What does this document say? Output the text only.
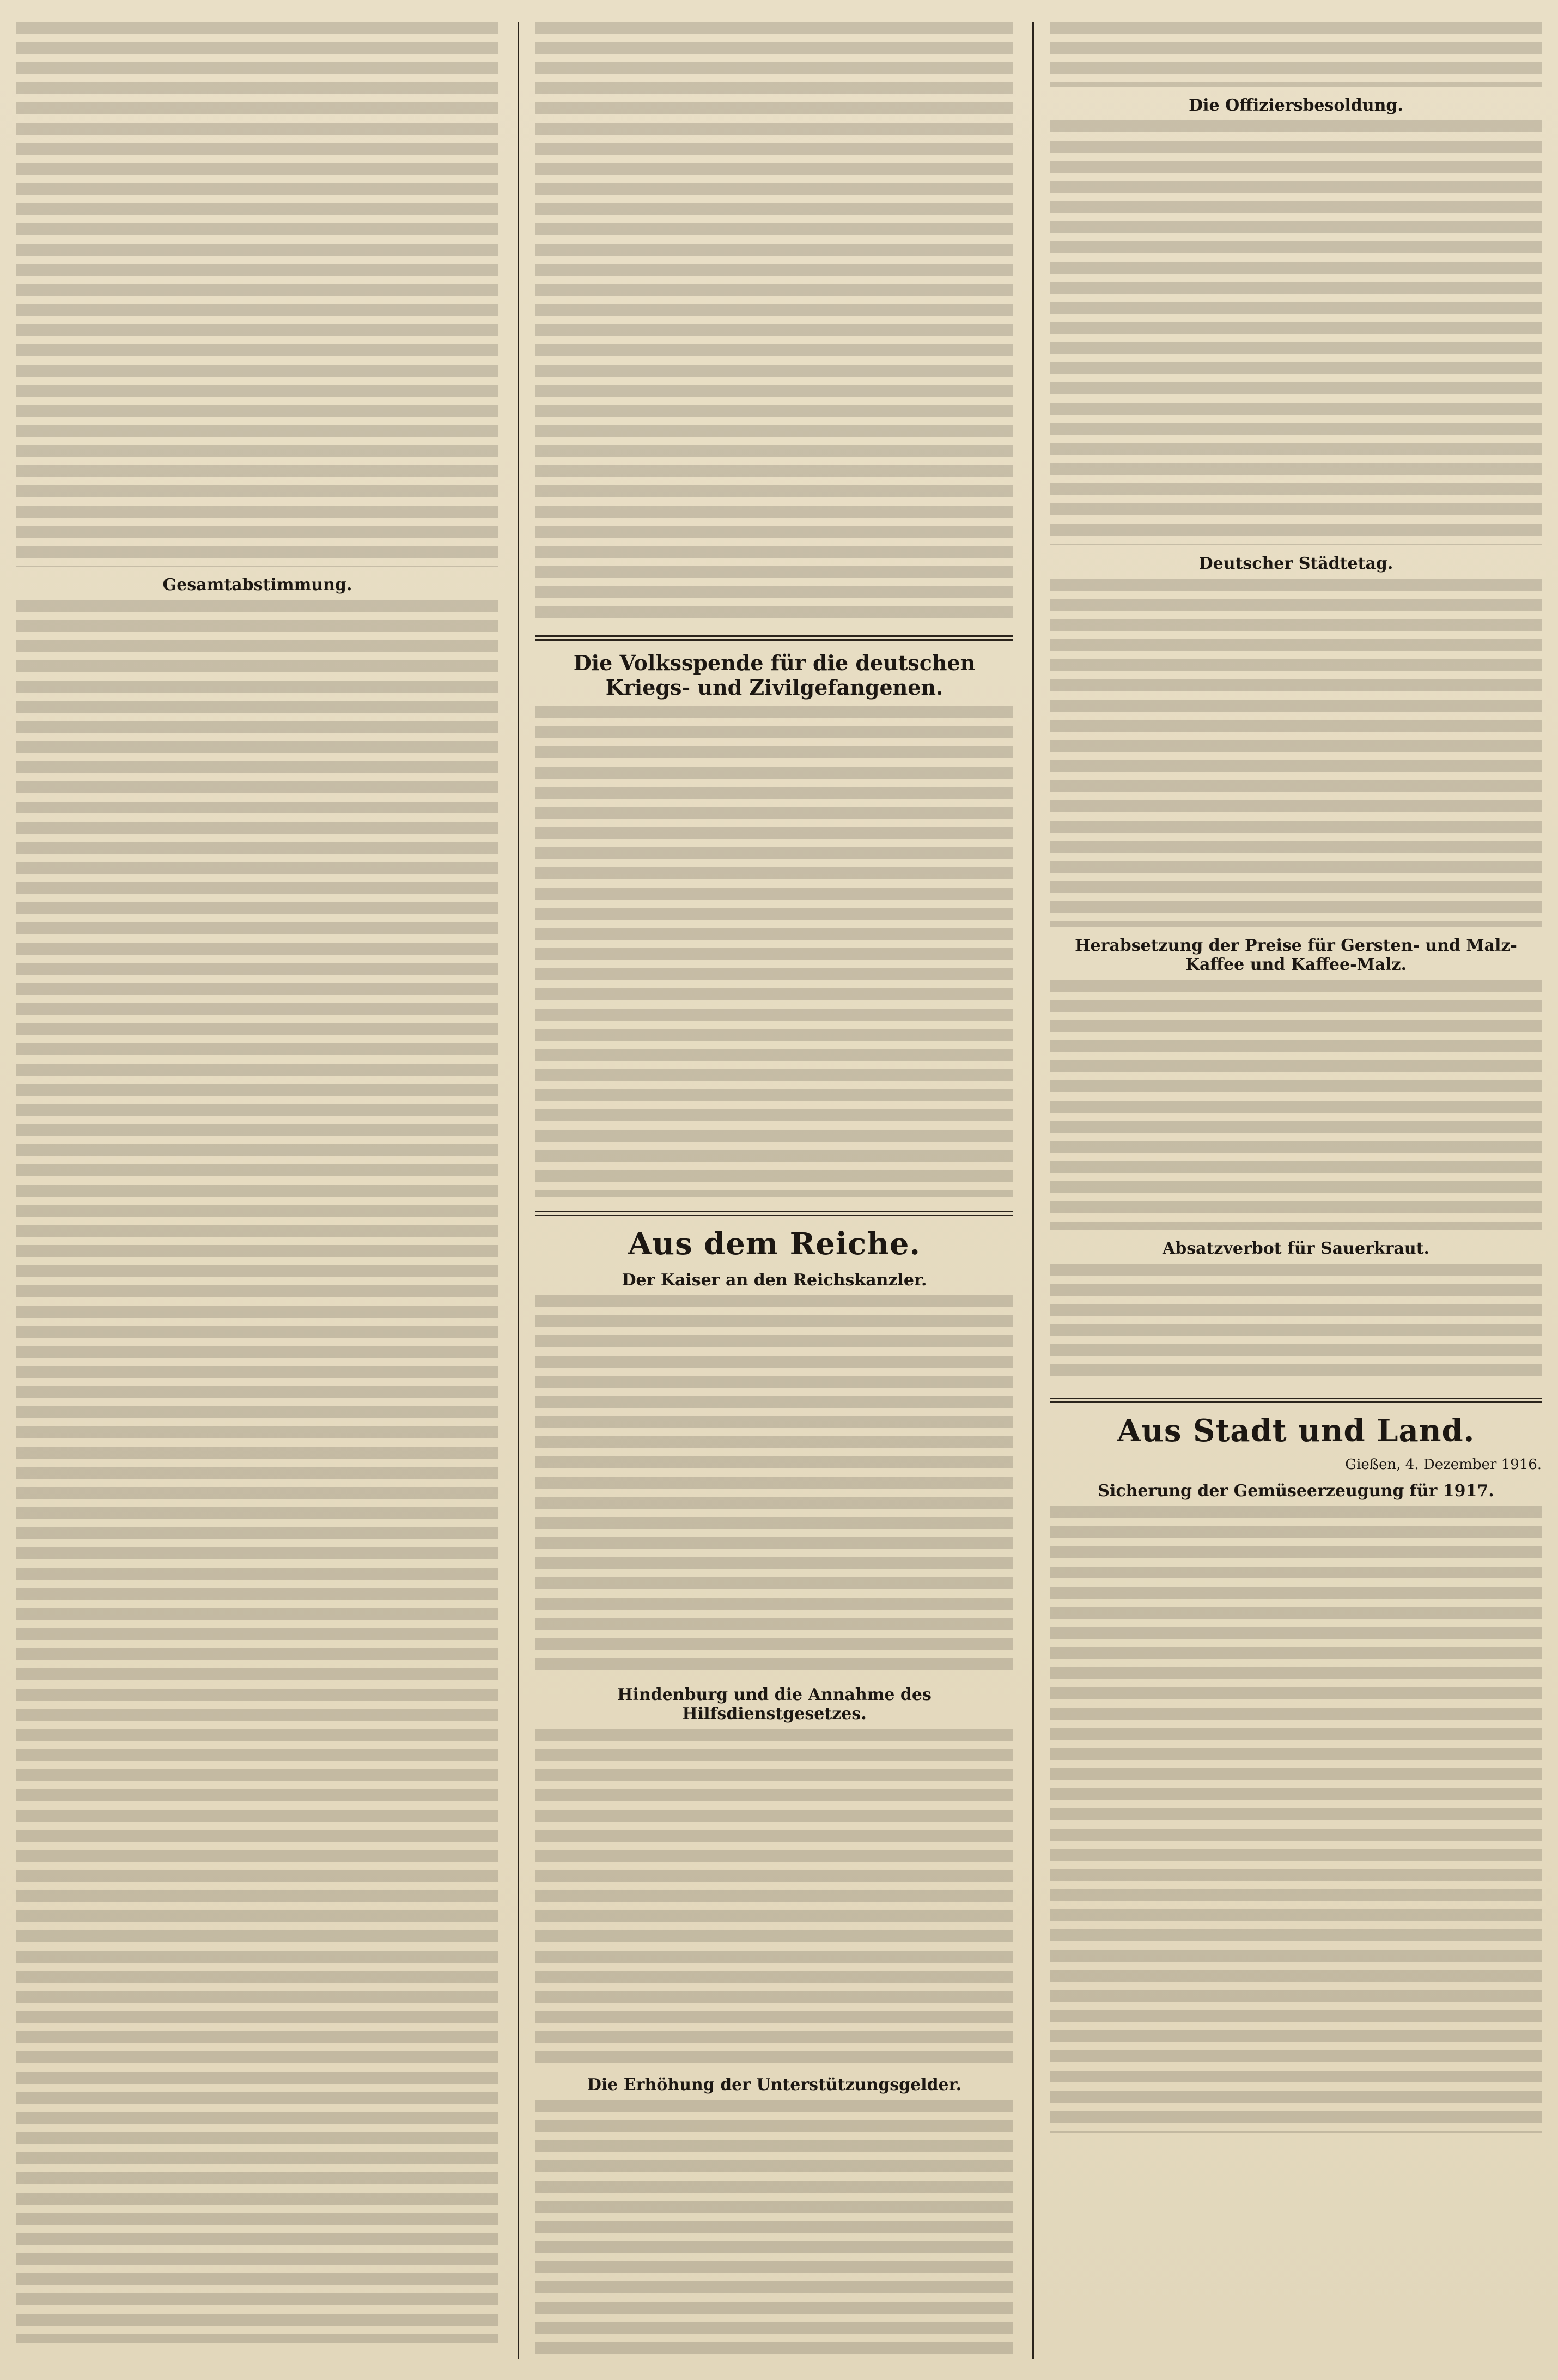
Gesamtabstimmung.
Die Volksspende für die deutschen Kriegs- und Zivilgefangenen.
Aus dem Reiche.
Der Kaiser an den Reichskanzler.
Hindenburg und die Annahme des Hilfsdienstgesetzes.
Die Erhöhung der Unterstützungsgelder.
Die Offiziersbesoldung.
Deutscher Städtetag.
Herabsetzung der Preise für Gersten- und Malz-Kaffee und Kaffee-Malz.
Absatzverbot für Sauerkraut.
Aus Stadt und Land.
Gießen, 4. Dezember 1916.
Sicherung der Gemüseerzeugung für 1917.
